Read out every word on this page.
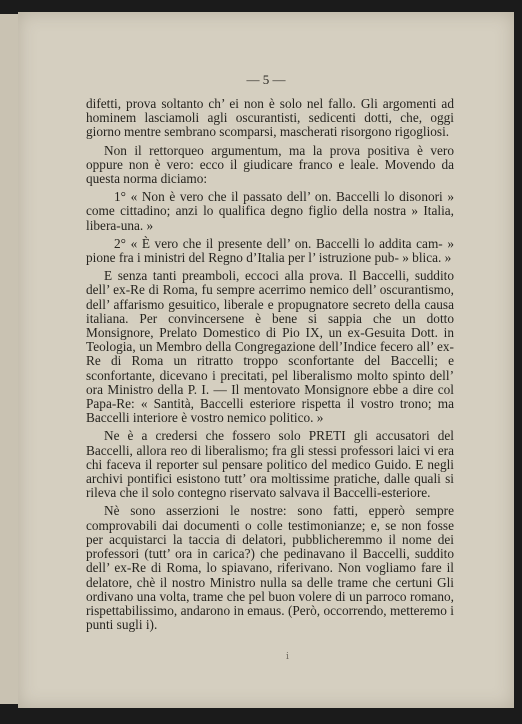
— 5 —

difetti, prova soltanto ch’ ei non è solo nel fallo. Gli argomenti ad hominem lasciamoli agli oscurantisti, sedicenti dotti, che, oggi giorno mentre sembrano scomparsi, mascherati risorgono rigogliosi.

Non il rettorqueo argumentum, ma la prova positiva è vero oppure non è vero: ecco il giudicare franco e leale. Movendo da questa norma diciamo:

1° « Non è vero che il passato dell’ on. Baccelli lo disonori » come cittadino; anzi lo qualifica degno figlio della nostra » Italia, libera-una. »

2° « È vero che il presente dell’ on. Baccelli lo addita cam- » pione fra i ministri del Regno d’Italia per l’ istruzione pub- » blica. »

E senza tanti preamboli, eccoci alla prova. Il Baccelli, suddito dell’ ex-Re di Roma, fu sempre acerrimo nemico dell’ oscurantismo, dell’ affarismo gesuitico, liberale e propugnatore secreto della causa italiana. Per convincersene è bene si sappia che un dotto Monsignore, Prelato Domestico di Pio IX, un ex-Gesuita Dott. in Teologia, un Membro della Congregazione dell’Indice fecero all’ ex-Re di Roma un ritratto troppo sconfortante del Baccelli; e sconfortante, dicevano i precitati, pel liberalismo molto spinto dell’ ora Ministro della P. I. — Il mentovato Monsignore ebbe a dire col Papa-Re: « Santità, Baccelli esteriore rispetta il vostro trono; ma Baccelli interiore è vostro nemico politico. »

Ne è a credersi che fossero solo PRETI gli accusatori del Baccelli, allora reo di liberalismo; fra gli stessi professori laici vi era chi faceva il reporter sul pensare politico del medico Guido. E negli archivi pontifici esistono tutt’ ora moltissime pratiche, dalle quali si rileva che il solo contegno riservato salvava il Baccelli-esteriore.

Nè sono asserzioni le nostre: sono fatti, epperò sempre comprovabili dai documenti o colle testimonianze; e, se non fosse per acquistarci la taccia di delatori, pubblicheremmo il nome dei professori (tutt’ ora in carica?) che pedinavano il Baccelli, suddito dell’ ex-Re di Roma, lo spiavano, riferivano. Non vogliamo fare il delatore, chè il nostro Ministro nulla sa delle trame che certuni Gli ordivano una volta, trame che pel buon volere di un parroco romano, rispettabilissimo, andarono in emaus. (Però, occorrendo, metteremo i punti sugli i).

i
